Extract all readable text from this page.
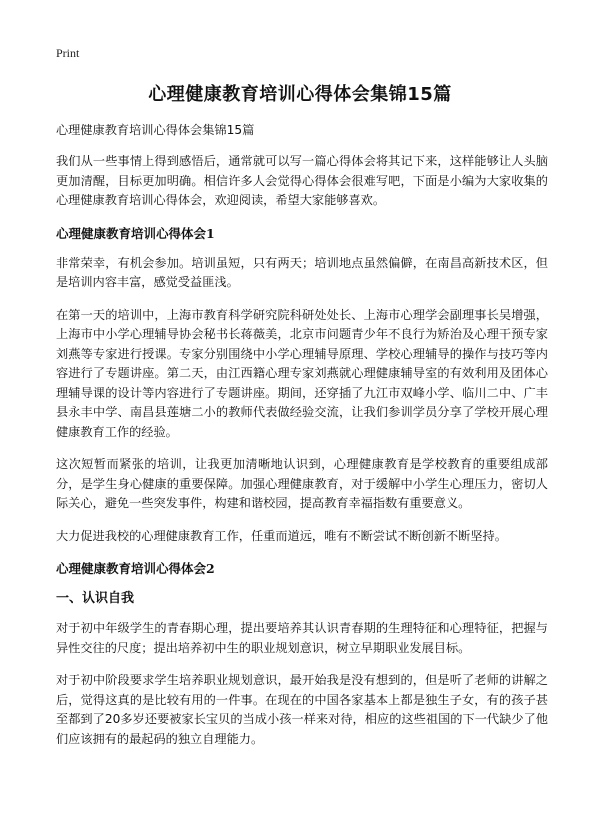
Print
心理健康教育培训心得体会集锦15篇

心理健康教育培训心得体会集锦15篇

我们从一些事情上得到感悟后，通常就可以写一篇心得体会将其记下来，这样能够让人头脑更加清醒，目标更加明确。相信许多人会觉得心得体会很难写吧，下面是小编为大家收集的心理健康教育培训心得体会，欢迎阅读，希望大家能够喜欢。

心理健康教育培训心得体会1

非常荣幸，有机会参加。培训虽短，只有两天；培训地点虽然偏僻，在南昌高新技术区，但是培训内容丰富，感觉受益匪浅。

在第一天的培训中，上海市教育科学研究院科研处处长、上海市心理学会副理事长吴增强，上海市中小学心理辅导协会秘书长蒋薇美，北京市问题青少年不良行为矫治及心理干预专家刘燕等专家进行授课。专家分别围绕中小学心理辅导原理、学校心理辅导的操作与技巧等内容进行了专题讲座。第二天，由江西籍心理专家刘燕就心理健康辅导室的有效利用及团体心理辅导课的设计等内容进行了专题讲座。期间，还穿插了九江市双峰小学、临川二中、广丰县永丰中学、南昌县莲塘二小的教师代表做经验交流，让我们参训学员分享了学校开展心理健康教育工作的经验。

这次短暂而紧张的培训，让我更加清晰地认识到，心理健康教育是学校教育的重要组成部分，是学生身心健康的重要保障。加强心理健康教育，对于缓解中小学生心理压力，密切人际关心，避免一些突发事件，构建和谐校园，提高教育幸福指数有重要意义。

大力促进我校的心理健康教育工作，任重而道远，唯有不断尝试不断创新不断坚持。

心理健康教育培训心得体会2
一、认识自我

对于初中年级学生的青春期心理，提出要培养其认识青春期的生理特征和心理特征，把握与异性交往的尺度；提出培养初中生的职业规划意识，树立早期职业发展目标。

对于初中阶段要求学生培养职业规划意识，最开始我是没有想到的，但是听了老师的讲解之后，觉得这真的是比较有用的一件事。在现在的中国各家基本上都是独生子女，有的孩子甚至都到了20多岁还要被家长宝贝的当成小孩一样来对待，相应的这些祖国的下一代缺少了他们应该拥有的最起码的独立自理能力。
